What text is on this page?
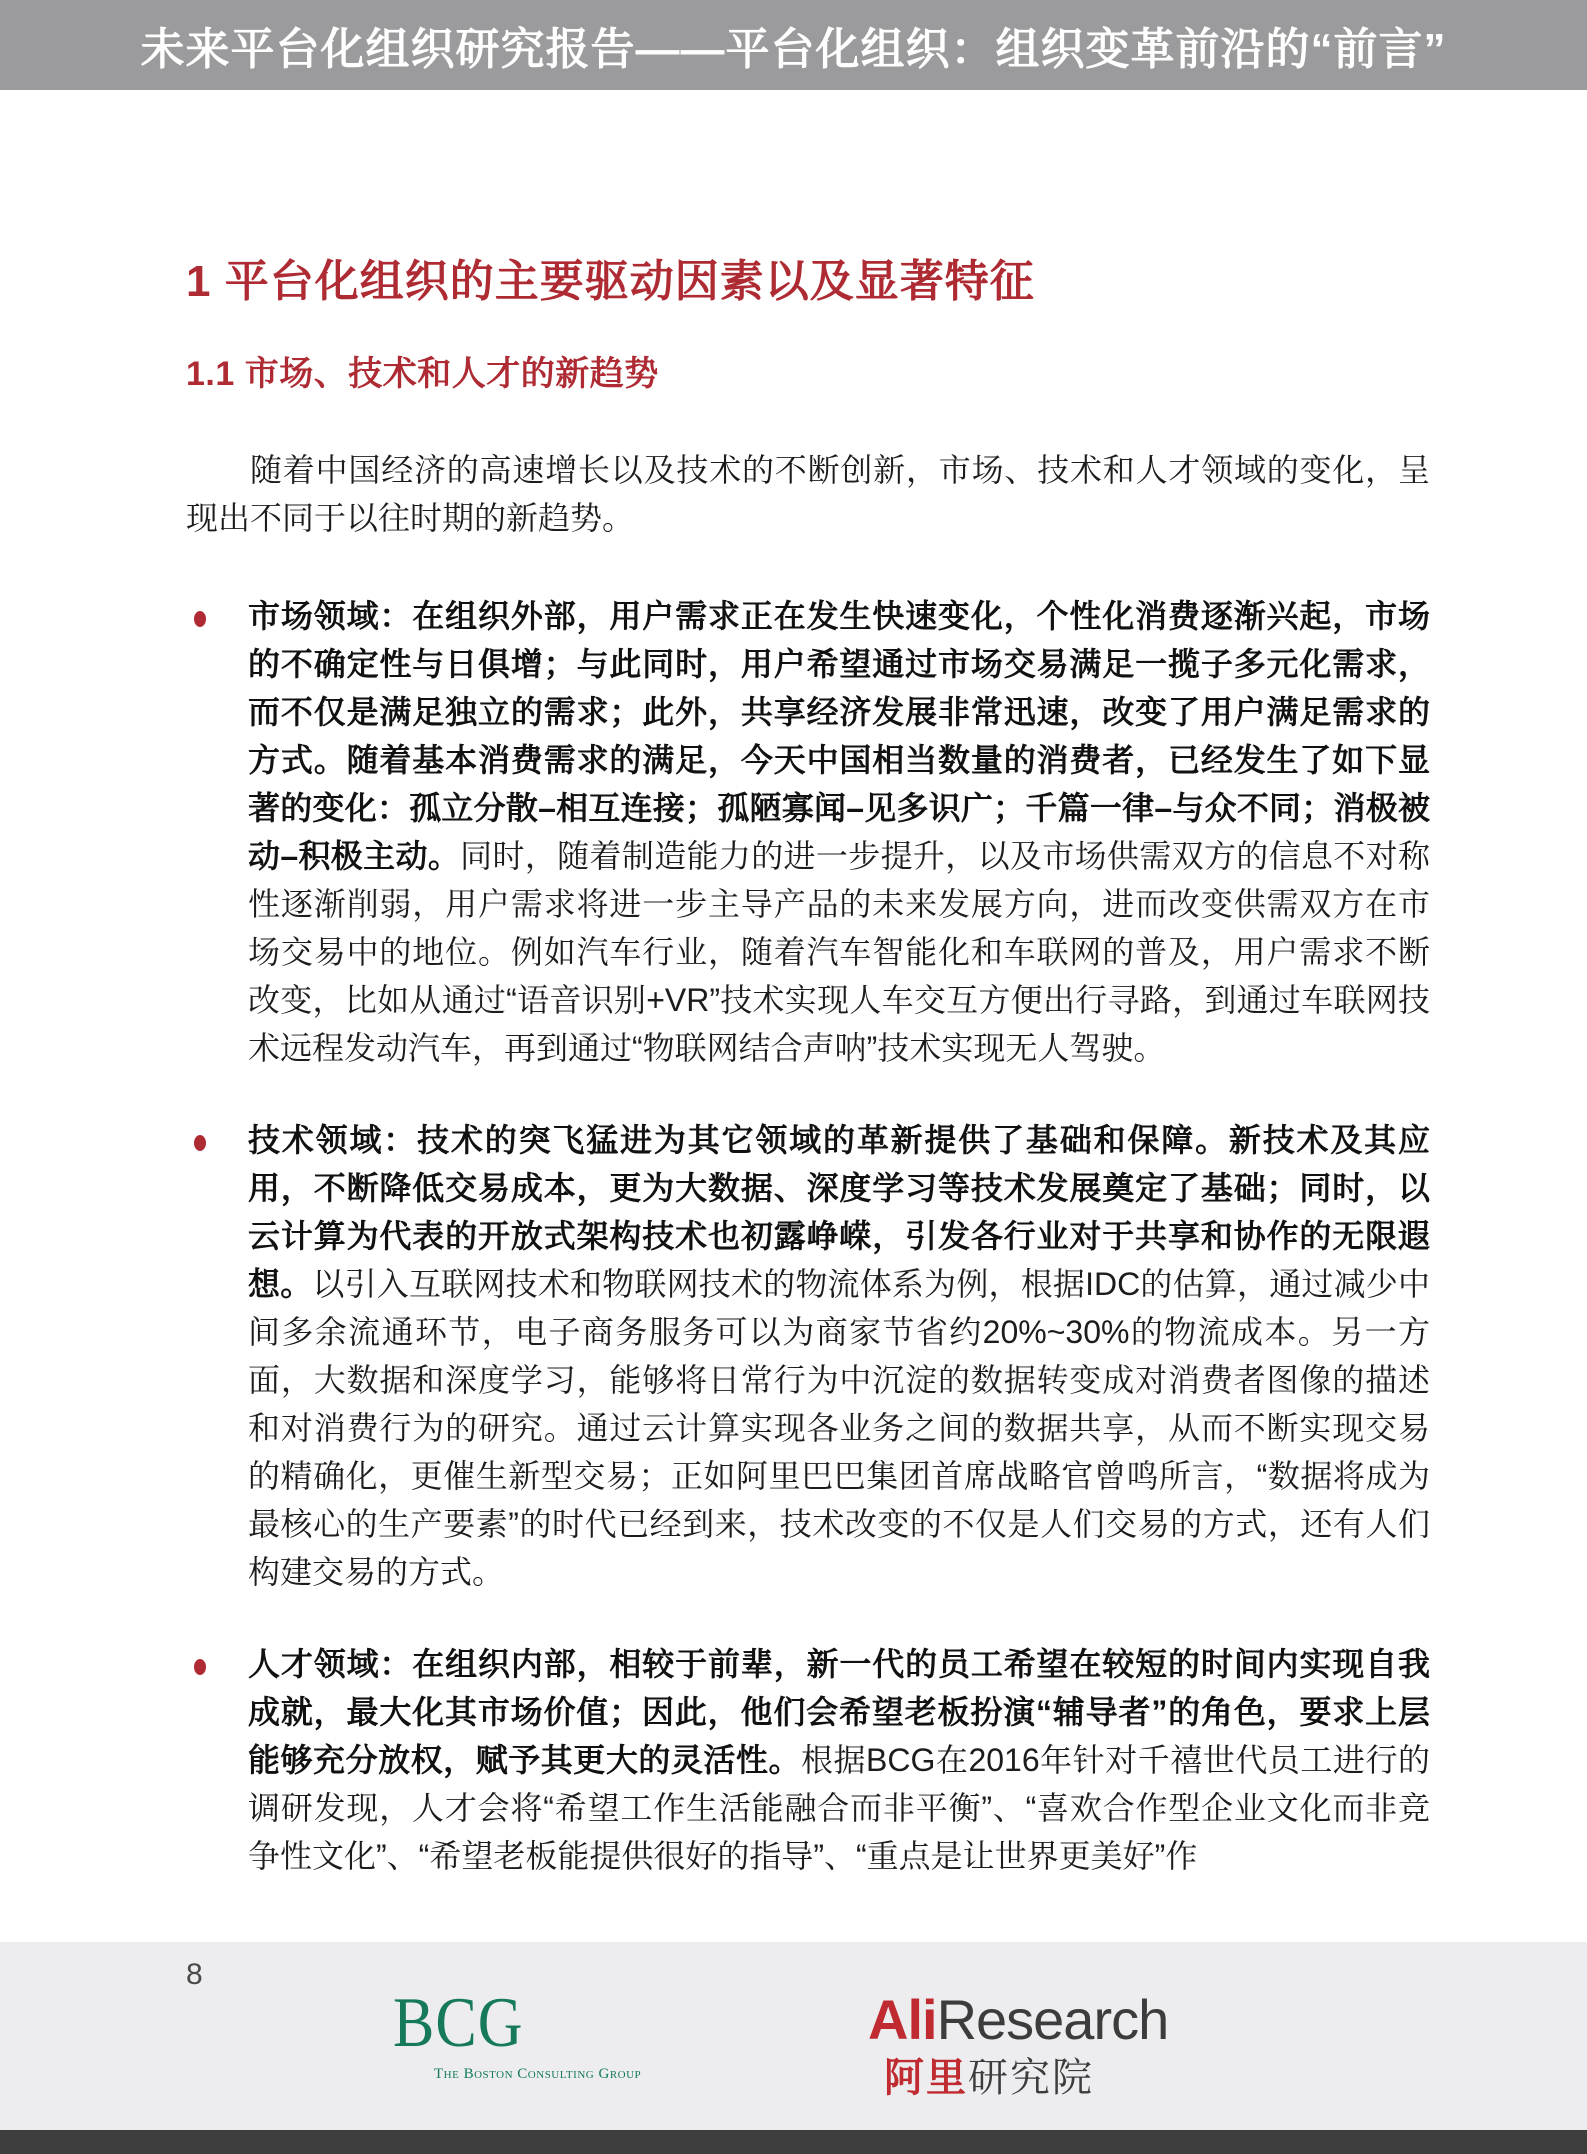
未来平台化组织研究报告——平台化组织：组织变革前沿的“前言”
1 平台化组织的主要驱动因素以及显著特征
1.1 市场、技术和人才的新趋势

随着中国经济的高速增长以及技术的不断创新，市场、技术和人才领域的变化，呈现出不同于以往时期的新趋势。

市场领域：在组织外部，用户需求正在发生快速变化，个性化消费逐渐兴起，市场的不确定性与日俱增；与此同时，用户希望通过市场交易满足一揽子多元化需求，而不仅是满足独立的需求；此外，共享经济发展非常迅速，改变了用户满足需求的方式。随着基本消费需求的满足，今天中国相当数量的消费者，已经发生了如下显著的变化：孤立分散–相互连接；孤陋寡闻–见多识广；千篇一律–与众不同；消极被动–积极主动。同时，随着制造能力的进一步提升，以及市场供需双方的信息不对称性逐渐削弱，用户需求将进一步主导产品的未来发展方向，进而改变供需双方在市场交易中的地位。例如汽车行业，随着汽车智能化和车联网的普及，用户需求不断改变，比如从通过“语音识别+VR”技术实现人车交互方便出行寻路，到通过车联网技术远程发动汽车，再到通过“物联网结合声呐”技术实现无人驾驶。
技术领域：技术的突飞猛进为其它领域的革新提供了基础和保障。新技术及其应用，不断降低交易成本，更为大数据、深度学习等技术发展奠定了基础；同时，以云计算为代表的开放式架构技术也初露峥嵘，引发各行业对于共享和协作的无限遐想。以引入互联网技术和物联网技术的物流体系为例，根据IDC的估算，通过减少中间多余流通环节，电子商务服务可以为商家节省约20%~30%的物流成本。另一方面，大数据和深度学习，能够将日常行为中沉淀的数据转变成对消费者图像的描述和对消费行为的研究。通过云计算实现各业务之间的数据共享，从而不断实现交易的精确化，更催生新型交易；正如阿里巴巴集团首席战略官曾鸣所言，“数据将成为最核心的生产要素”的时代已经到来，技术改变的不仅是人们交易的方式，还有人们构建交易的方式。
人才领域：在组织内部，相较于前辈，新一代的员工希望在较短的时间内实现自我成就，最大化其市场价值；因此，他们会希望老板扮演“辅导者”的角色，要求上层能够充分放权，赋予其更大的灵活性。根据BCG在2016年针对千禧世代员工进行的调研发现，人才会将“希望工作生活能融合而非平衡”、“喜欢合作型企业文化而非竞争性文化”、“希望老板能提供很好的指导”、“重点是让世界更美好”作
8
BCG
The Boston Consulting Group
AliResearch
阿里研究院
